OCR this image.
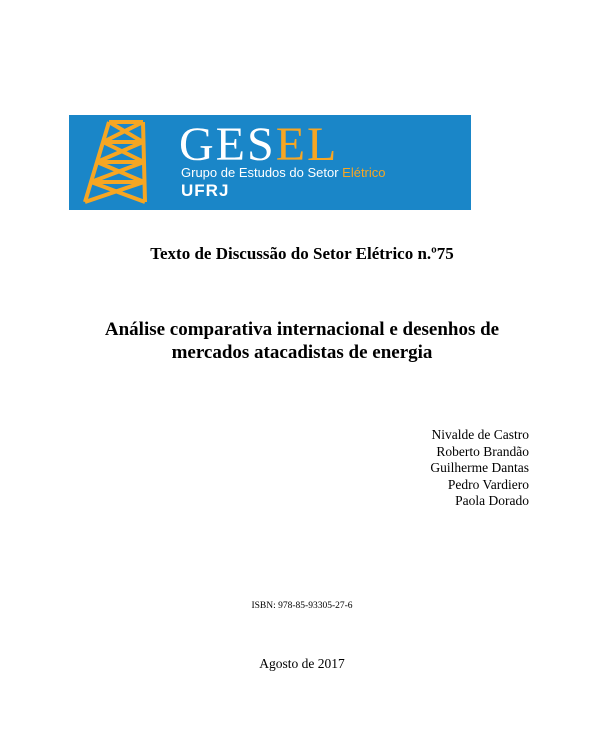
GESEL
Grupo de Estudos do Setor Elétrico
UFRJ
Texto de Discussão do Setor Elétrico n.º75
Análise comparativa internacional e desenhos de
mercados atacadistas de energia
Nivalde de Castro
Roberto Brandão
Guilherme Dantas
Pedro Vardiero
Paola Dorado
ISBN: 978-85-93305-27-6
Agosto de 2017
